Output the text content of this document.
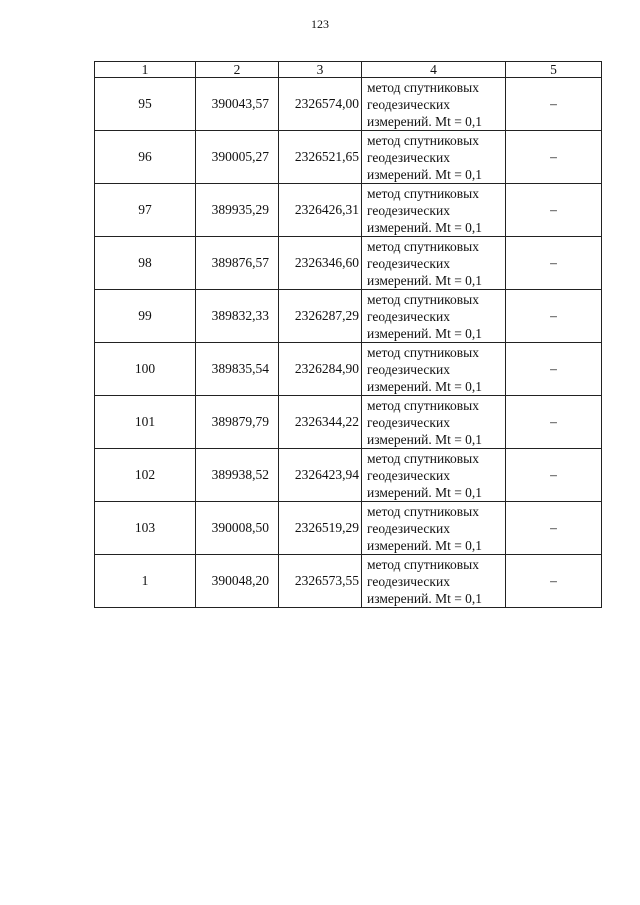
123
1	2	3	4	5
95	390043,57	2326574,00	метод спутниковых
геодезических
измерений. Mt = 0,1	–
96	390005,27	2326521,65	метод спутниковых
геодезических
измерений. Mt = 0,1	–
97	389935,29	2326426,31	метод спутниковых
геодезических
измерений. Mt = 0,1	–
98	389876,57	2326346,60	метод спутниковых
геодезических
измерений. Mt = 0,1	–
99	389832,33	2326287,29	метод спутниковых
геодезических
измерений. Mt = 0,1	–
100	389835,54	2326284,90	метод спутниковых
геодезических
измерений. Mt = 0,1	–
101	389879,79	2326344,22	метод спутниковых
геодезических
измерений. Mt = 0,1	–
102	389938,52	2326423,94	метод спутниковых
геодезических
измерений. Mt = 0,1	–
103	390008,50	2326519,29	метод спутниковых
геодезических
измерений. Mt = 0,1	–
1	390048,20	2326573,55	метод спутниковых
геодезических
измерений. Mt = 0,1	–
